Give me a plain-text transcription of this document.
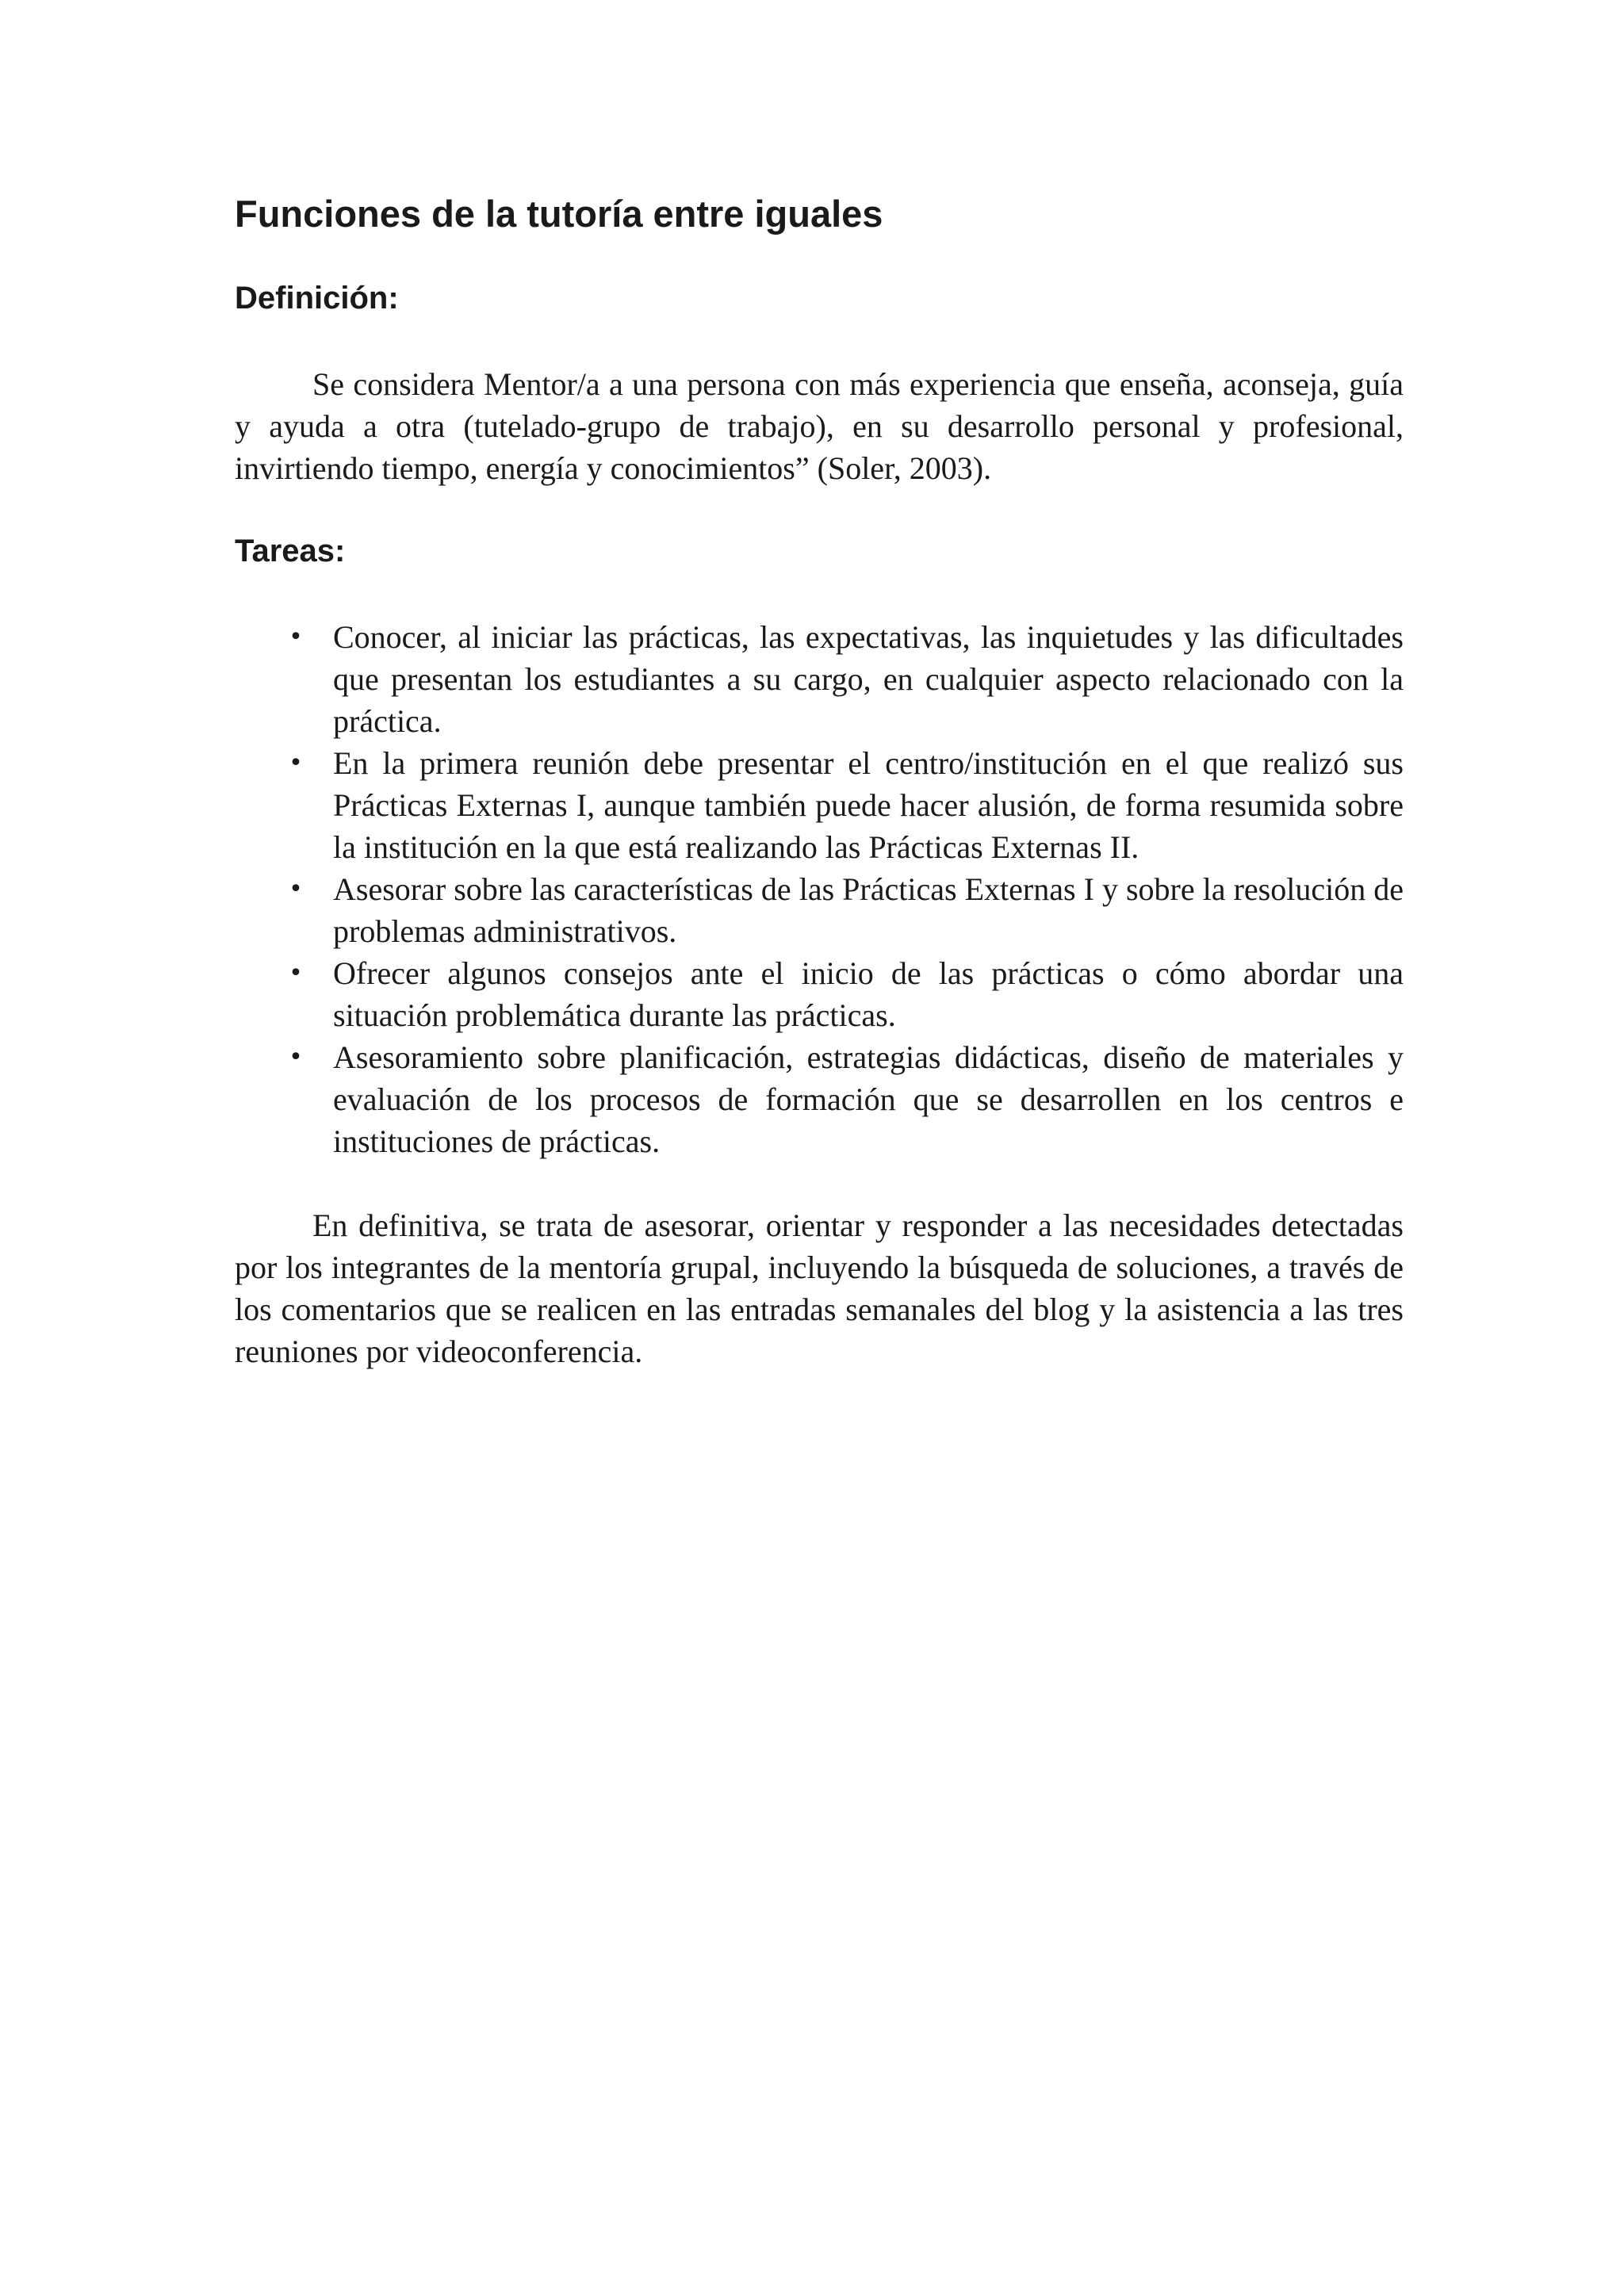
Funciones de la tutoría entre iguales
Definición:

Se considera Mentor/a a una persona con más experiencia que enseña, aconseja, guía y ayuda a otra (tutelado-grupo de trabajo), en su desarrollo personal y profesional, invirtiendo tiempo, energía y conocimientos” (Soler, 2003).

Tareas:
• Conocer, al iniciar las prácticas, las expectativas, las inquietudes y las dificultades que presentan los estudiantes a su cargo, en cualquier aspecto relacionado con la práctica.

• En la primera reunión debe presentar el centro/institución en el que realizó sus Prácticas Externas I, aunque también puede hacer alusión, de forma resumida sobre la institución en la que está realizando las Prácticas Externas II.

• Asesorar sobre las características de las Prácticas Externas I y sobre la resolución de problemas administrativos.

• Ofrecer algunos consejos ante el inicio de las prácticas o cómo abordar una situación problemática durante las prácticas.

• Asesoramiento sobre planificación, estrategias didácticas, diseño de materiales y evaluación de los procesos de formación que se desarrollen en los centros e instituciones de prácticas.

En definitiva, se trata de asesorar, orientar y responder a las necesidades detectadas por los integrantes de la mentoría grupal, incluyendo la búsqueda de soluciones, a través de los comentarios que se realicen en las entradas semanales del blog y la asistencia a las tres reuniones por videoconferencia.
